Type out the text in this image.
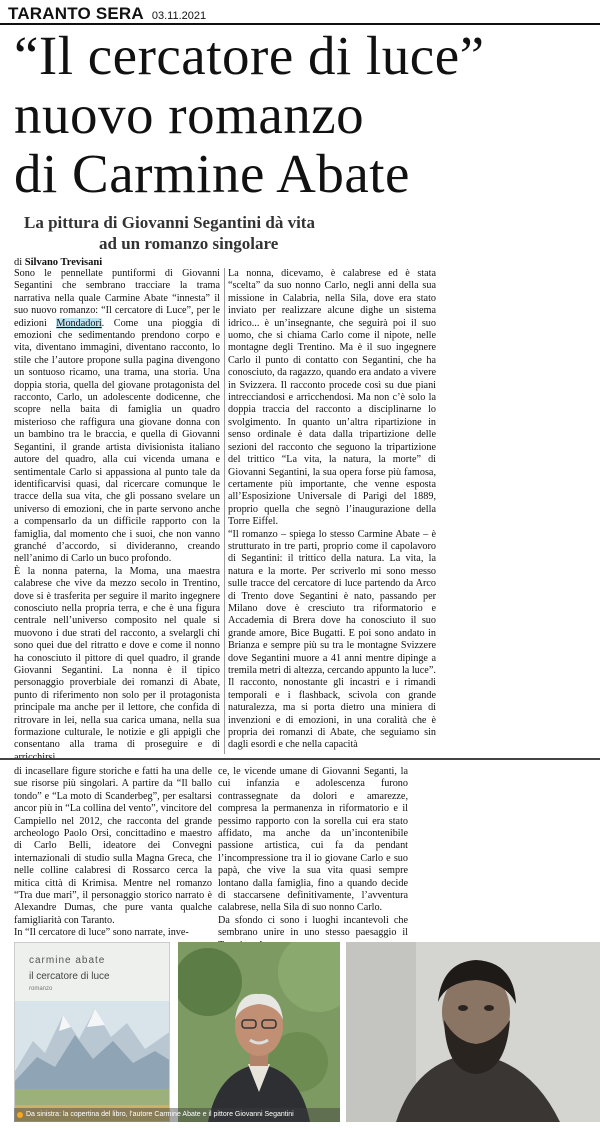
TARANTO SERA 03.11.2021
“Il cercatore di luce”
nuovo romanzo
di Carmine Abate
La pittura di Giovanni Segantini dà vita
ad un romanzo singolare
di Silvano Trevisani

Sono le pennellate puntiformi di Giovanni Segantini che sembrano tracciare la trama narrativa nella quale Carmine Abate “innesta” il suo nuovo romanzo: “Il cercatore di Luce”, per le edizioni Mondadori. Come una pioggia di emozioni che sedimentando prendono corpo e vita, diventano immagini, diventano racconto, lo stile che l’autore propone sulla pagina divengono un sontuoso ricamo, una trama, una storia. Una doppia storia, quella del giovane protagonista del racconto, Carlo, un adolescente dodicenne, che scopre nella baita di famiglia un quadro misterioso che raffigura una giovane donna con un bambino tra le braccia, e quella di Giovanni Segantini, il grande artista divisionista italiano autore del quadro, alla cui vicenda umana e sentimentale Carlo si appassiona al punto tale da identificarvisi quasi, dal ricercare comunque le tracce della sua vita, che gli possano svelare un universo di emozioni, che in parte servono anche a compensarlo da un difficile rapporto con la famiglia, dal momento che i suoi, che non vanno granché d’accordo, si divideranno, creando nell’animo di Carlo un buco profondo.

È la nonna paterna, la Moma, una maestra calabrese che vive da mezzo secolo in Trentino, dove si è trasferita per seguire il marito ingegnere conosciuto nella propria terra, e che è una figura centrale nell’universo composito nel quale si muovono i due strati del racconto, a svelargli chi sono quei due del ritratto e dove e come il nonno ha conosciuto il pittore di quel quadro, il grande Giovanni Segantini. La nonna è il tipico personaggio proverbiale dei romanzi di Abate, punto di riferimento non solo per il protagonista principale ma anche per il lettore, che confida di ritrovare in lei, nella sua carica umana, nella sua formazione culturale, le notizie e gli appigli che consentano alla trama di proseguire e di

La nonna, dicevamo, è calabrese ed è stata “scelta” da suo nonno Carlo, negli anni della sua missione in Calabria, nella Sila, dove era stato inviato per realizzare alcune dighe un sistema idrico... è un’insegnante, che seguirà poi il suo uomo, che si chiama Carlo come il nipote, nelle montagne degli Trentino. Ma è il suo ingegnere Carlo il punto di contatto con Segantini, che ha conosciuto, da ragazzo, quando era andato a vivere in Svizzera. Il racconto procede così su due piani intrecciandosi e arricchendosi. Ma non c’è solo la doppia traccia del racconto a disciplinarne lo svolgimento. In quanto un’altra ripartizione in senso ordinale è data dalla tripartizione delle sezioni del racconto che seguono la tripartizione del trittico “La vita, la natura, la morte” di Giovanni Segantini, la sua opera forse più famosa, certamente più importante, che venne esposta all’Esposizione Universale di Parigi del 1889, proprio quella che segnò l’inaugurazione della Torre Eiffel.

“Il romanzo – spiega lo stesso Carmine Abate – è strutturato in tre parti, proprio come il capolavoro di Segantini: il trittico della natura. La vita, la natura e la morte. Per scriverlo mi sono messo sulle tracce del cercatore di luce partendo da Arco di Trento dove Segantini è nato, passando per Milano dove è cresciuto tra riformatorio e Accademia di Brera dove ha conosciuto il suo grande amore, Bice Bugatti. E poi sono andato in Brianza e sempre più su tra le montagne Svizzere dove Segantini muore a 41 anni mentre dipinge a tremila metri di altezza, cercando appunto la luce”.

Il racconto, nonostante gli incastri e i rimandi temporali e i flashback, scivola con grande naturalezza, ma si porta dietro una miniera di invenzioni e di emozioni, in una coralità che è propria dei romanzi di Abate, che seguiamo sin dagli esordi e che nella capacità

di incasellare figure storiche e fatti ha una delle sue risorse più singolari. A partire da “Il ballo tondo” e “La moto di Scanderbeg”, per esaltarsi ancor più in “La collina del vento”, vincitore del Campiello nel 2012, che racconta del grande archeologo Paolo Orsi, concittadino e maestro di Carlo Belli, ideatore dei Convegni internazionali di studio sulla Magna Greca, che nelle colline calabresi di Rossarco cerca la mitica città di Krimisa. Mentre nel romanzo “Tra due mari”, il personaggio storico narrato è Alexandre Dumas, che pure vanta qualche famigliarità con Taranto.

In “Il cercatore di luce” sono narrate, inve-

ce, le vicende umane di Giovanni Seganti, la cui infanzia e adolescenza furono contrassegnate da dolori e amarezze, compresa la permanenza in riformatorio e il pessimo rapporto con la sorella cui era stato affidato, ma anche da un’incontenibile passione artistica, cui fa da pendant l’incompressione tra il io giovane Carlo e suo papà, che vive la sua vita quasi sempre lontano dalla famiglia, fino a quando decide di staccarsene definitivamente, l’avventura calabrese, nella Sila di suo nonno Carlo.

Da sfondo ci sono i luoghi incantevoli che sembrano unire in uno stesso paesaggio il

carmine abate
il cercatore di luce
romanzo
Da sinistra: la copertina del libro, l’autore Carmine Abate e il pittore Giovanni Segantini
